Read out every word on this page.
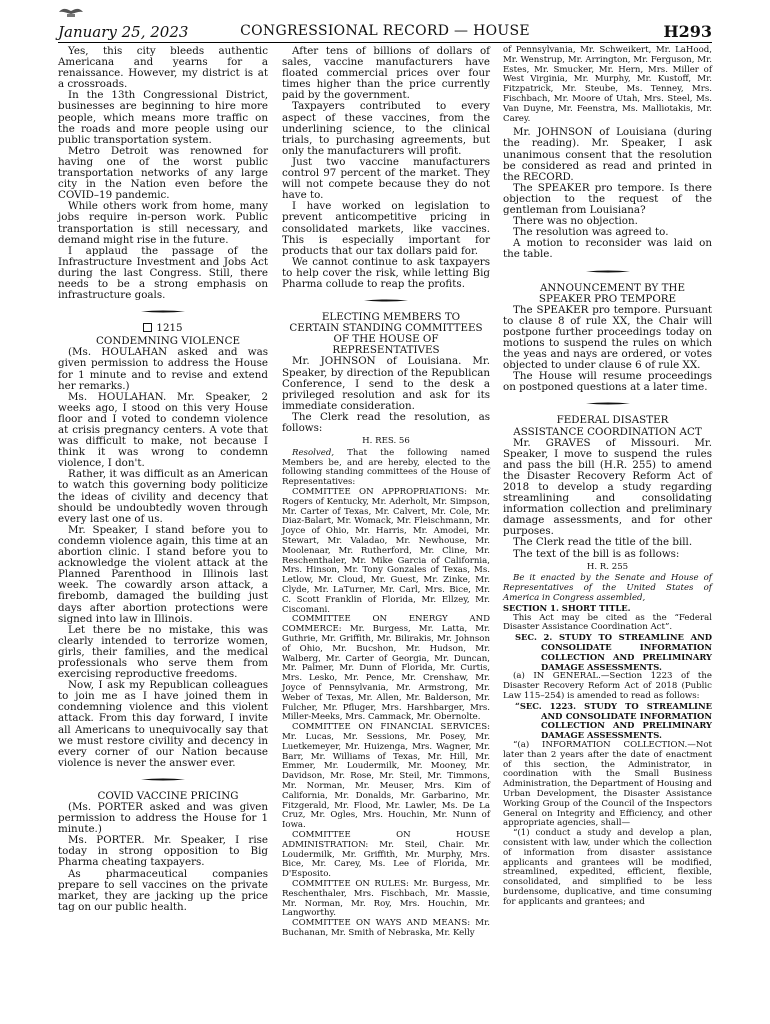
January 25, 2023	CONGRESSIONAL RECORD — HOUSE	H293

Yes, this city bleeds authentic Americana and yearns for a renaissance. However, my district is at a crossroads.

In the 13th Congressional District, businesses are beginning to hire more people, which means more traffic on the roads and more people using our public transportation system.

Metro Detroit was renowned for having one of the worst public transportation networks of any large city in the Nation even before the COVID–19 pandemic.

While others work from home, many jobs require in-person work. Public transportation is still necessary, and demand might rise in the future.

I applaud the passage of the Infrastructure Investment and Jobs Act during the last Congress. Still, there needs to be a strong emphasis on infrastructure goals.

1215

CONDEMNING VIOLENCE

(Ms. HOULAHAN asked and was given permission to address the House for 1 minute and to revise and extend her remarks.)

Ms. HOULAHAN. Mr. Speaker, 2 weeks ago, I stood on this very House floor and I voted to condemn violence at crisis pregnancy centers. A vote that was difficult to make, not because I think it was wrong to condemn violence, I don't.

Rather, it was difficult as an American to watch this governing body politicize the ideas of civility and decency that should be undoubtedly woven through every last one of us.

Mr. Speaker, I stand before you to condemn violence again, this time at an abortion clinic. I stand before you to acknowledge the violent attack at the Planned Parenthood in Illinois last week. The cowardly arson attack, a firebomb, damaged the building just days after abortion protections were signed into law in Illinois.

Let there be no mistake, this was clearly intended to terrorize women, girls, their families, and the medical professionals who serve them from exercising reproductive freedoms.

Now, I ask my Republican colleagues to join me as I have joined them in condemning violence and this violent attack. From this day forward, I invite all Americans to unequivocally say that we must restore civility and decency in every corner of our Nation because violence is never the answer ever.

COVID VACCINE PRICING

(Ms. PORTER asked and was given permission to address the House for 1 minute.)

Ms. PORTER. Mr. Speaker, I rise today in strong opposition to Big Pharma cheating taxpayers.

As pharmaceutical companies prepare to sell vaccines on the private market, they are jacking up the price tag on our public health.

After tens of billions of dollars of sales, vaccine manufacturers have floated commercial prices over four times higher than the price currently paid by the government.

Taxpayers contributed to every aspect of these vaccines, from the underlining science, to the clinical trials, to purchasing agreements, but only the manufacturers will profit.

Just two vaccine manufacturers control 97 percent of the market. They will not compete because they do not have to.

I have worked on legislation to prevent anticompetitive pricing in consolidated markets, like vaccines. This is especially important for products that our tax dollars paid for.

We cannot continue to ask taxpayers to help cover the risk, while letting Big Pharma collude to reap the profits.

ELECTING MEMBERS TO CERTAIN STANDING COMMITTEES OF THE HOUSE OF REPRESENTATIVES

Mr. JOHNSON of Louisiana. Mr. Speaker, by direction of the Republican Conference, I send to the desk a privileged resolution and ask for its immediate consideration.

The Clerk read the resolution, as follows:

H. RES. 56

Resolved, That the following named Members be, and are hereby, elected to the following standing committees of the House of Representatives:

COMMITTEE ON APPROPRIATIONS: Mr. Rogers of Kentucky, Mr. Aderholt, Mr. Simpson, Mr. Carter of Texas, Mr. Calvert, Mr. Cole, Mr. Diaz-Balart, Mr. Womack, Mr. Fleischmann, Mr. Joyce of Ohio, Mr. Harris, Mr. Amodei, Mr. Stewart, Mr. Valadao, Mr. Newhouse, Mr. Moolenaar, Mr. Rutherford, Mr. Cline, Mr. Reschenthaler, Mr. Mike Garcia of California, Mrs. Hinson, Mr. Tony Gonzales of Texas, Ms. Letlow, Mr. Cloud, Mr. Guest, Mr. Zinke, Mr. Clyde, Mr. LaTurner, Mr. Carl, Mrs. Bice, Mr. C. Scott Franklin of Florida, Mr. Ellzey, Mr. Ciscomani.

COMMITTEE ON ENERGY AND COMMERCE: Mr. Burgess, Mr. Latta, Mr. Guthrie, Mr. Griffith, Mr. Bilirakis, Mr. Johnson of Ohio, Mr. Bucshon, Mr. Hudson, Mr. Walberg, Mr. Carter of Georgia, Mr. Duncan, Mr. Palmer, Mr. Dunn of Florida, Mr. Curtis, Mrs. Lesko, Mr. Pence, Mr. Crenshaw, Mr. Joyce of Pennsylvania, Mr. Armstrong, Mr. Weber of Texas, Mr. Allen, Mr. Balderson, Mr. Fulcher, Mr. Pfluger, Mrs. Harshbarger, Mrs. Miller-Meeks, Mrs. Cammack, Mr. Obernolte.

COMMITTEE ON FINANCIAL SERVICES: Mr. Lucas, Mr. Sessions, Mr. Posey, Mr. Luetkemeyer, Mr. Huizenga, Mrs. Wagner, Mr. Barr, Mr. Williams of Texas, Mr. Hill, Mr. Emmer, Mr. Loudermilk, Mr. Mooney, Mr. Davidson, Mr. Rose, Mr. Steil, Mr. Timmons, Mr. Norman, Mr. Meuser, Mrs. Kim of California, Mr. Donalds, Mr. Garbarino, Mr. Fitzgerald, Mr. Flood, Mr. Lawler, Ms. De La Cruz, Mr. Ogles, Mrs. Houchin, Mr. Nunn of Iowa.

COMMITTEE ON HOUSE ADMINISTRATION: Mr. Steil, Chair. Mr. Loudermilk, Mr. Griffith, Mr. Murphy, Mrs. Bice, Mr. Carey, Ms. Lee of Florida, Mr. D'Esposito.

COMMITTEE ON RULES: Mr. Burgess, Mr. Reschenthaler, Mrs. Fischbach, Mr. Massie, Mr. Norman, Mr. Roy, Mrs. Houchin, Mr. Langworthy.

COMMITTEE ON WAYS AND MEANS: Mr. Buchanan, Mr. Smith of Nebraska, Mr. Kelly

of Pennsylvania, Mr. Schweikert, Mr. LaHood, Mr. Wenstrup, Mr. Arrington, Mr. Ferguson, Mr. Estes, Mr. Smucker, Mr. Hern, Mrs. Miller of West Virginia, Mr. Murphy, Mr. Kustoff, Mr. Fitzpatrick, Mr. Steube, Ms. Tenney, Mrs. Fischbach, Mr. Moore of Utah, Mrs. Steel, Ms. Van Duyne, Mr. Feenstra, Ms. Malliotakis, Mr. Carey.

Mr. JOHNSON of Louisiana (during the reading). Mr. Speaker, I ask unanimous consent that the resolution be considered as read and printed in the RECORD.

The SPEAKER pro tempore. Is there objection to the request of the gentleman from Louisiana?

There was no objection.

The resolution was agreed to.

A motion to reconsider was laid on the table.

ANNOUNCEMENT BY THE SPEAKER PRO TEMPORE

The SPEAKER pro tempore. Pursuant to clause 8 of rule XX, the Chair will postpone further proceedings today on motions to suspend the rules on which the yeas and nays are ordered, or votes objected to under clause 6 of rule XX.

The House will resume proceedings on postponed questions at a later time.

FEDERAL DISASTER ASSISTANCE COORDINATION ACT

Mr. GRAVES of Missouri. Mr. Speaker, I move to suspend the rules and pass the bill (H.R. 255) to amend the Disaster Recovery Reform Act of 2018 to develop a study regarding streamlining and consolidating information collection and preliminary damage assessments, and for other purposes.

The Clerk read the title of the bill.

The text of the bill is as follows:

H. R. 255

Be it enacted by the Senate and House of Representatives of the United States of America in Congress assembled,

SECTION 1. SHORT TITLE.

This Act may be cited as the “Federal Disaster Assistance Coordination Act”.

SEC. 2. STUDY TO STREAMLINE AND CONSOLIDATE INFORMATION COLLECTION AND PRELIMINARY DAMAGE ASSESSMENTS.

(a) IN GENERAL.—Section 1223 of the Disaster Recovery Reform Act of 2018 (Public Law 115–254) is amended to read as follows:

“SEC. 1223. STUDY TO STREAMLINE AND CONSOLIDATE INFORMATION COLLECTION AND PRELIMINARY DAMAGE ASSESSMENTS.

“(a) INFORMATION COLLECTION.—Not later than 2 years after the date of enactment of this section, the Administrator, in coordination with the Small Business Administration, the Department of Housing and Urban Development, the Disaster Assistance Working Group of the Council of the Inspectors General on Integrity and Efficiency, and other appropriate agencies, shall—

“(1) conduct a study and develop a plan, consistent with law, under which the collection of information from disaster assistance applicants and grantees will be modified, streamlined, expedited, efficient, flexible, consolidated, and simplified to be less burdensome, duplicative, and time consuming for applicants and grantees; and
